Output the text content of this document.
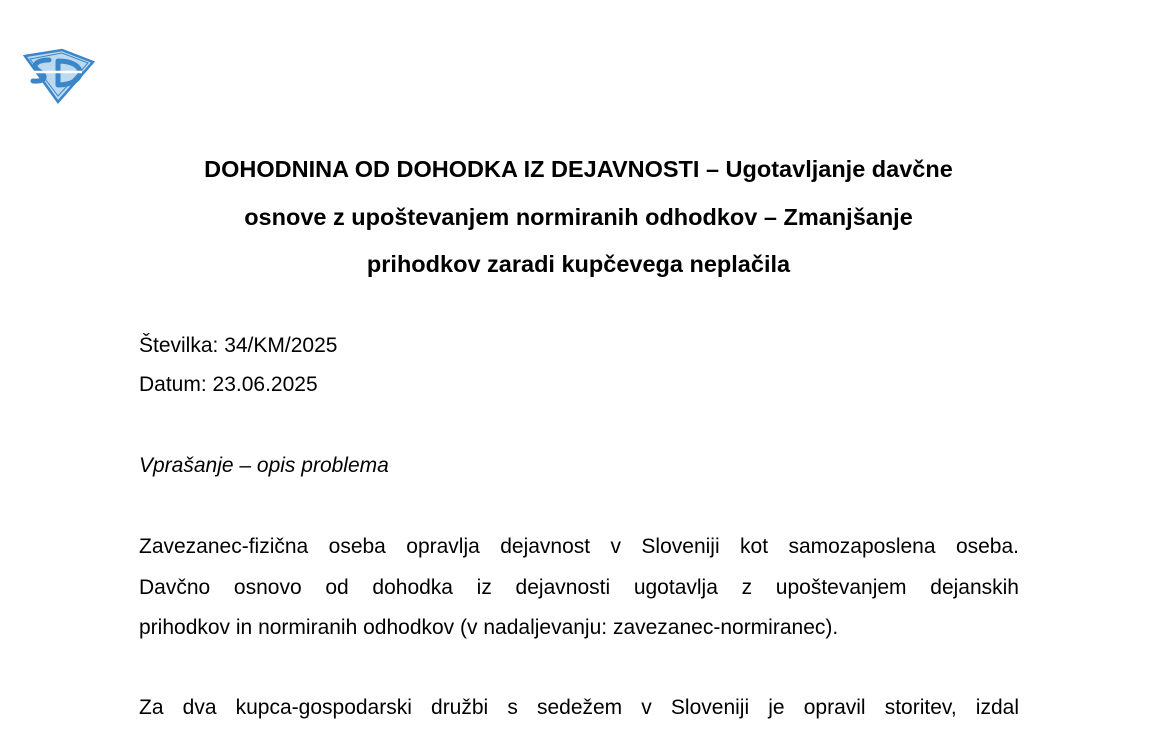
DOHODNINA OD DOHODKA IZ DEJAVNOSTI – Ugotavljanje davčne
osnove z upoštevanjem normiranih odhodkov – Zmanjšanje
prihodkov zaradi kupčevega neplačila
Številka: 34/KM/2025
Datum: 23.06.2025
Vprašanje – opis problema

Zavezanec-fizična oseba opravlja dejavnost v Sloveniji kot samozaposlena oseba.
Davčno osnovo od dohodka iz dejavnosti ugotavlja z upoštevanjem dejanskih
prihodkov in normiranih odhodkov (v nadaljevanju: zavezanec-normiranec).

Za dva kupca-gospodarski družbi s sedežem v Sloveniji je opravil storitev, izdal
